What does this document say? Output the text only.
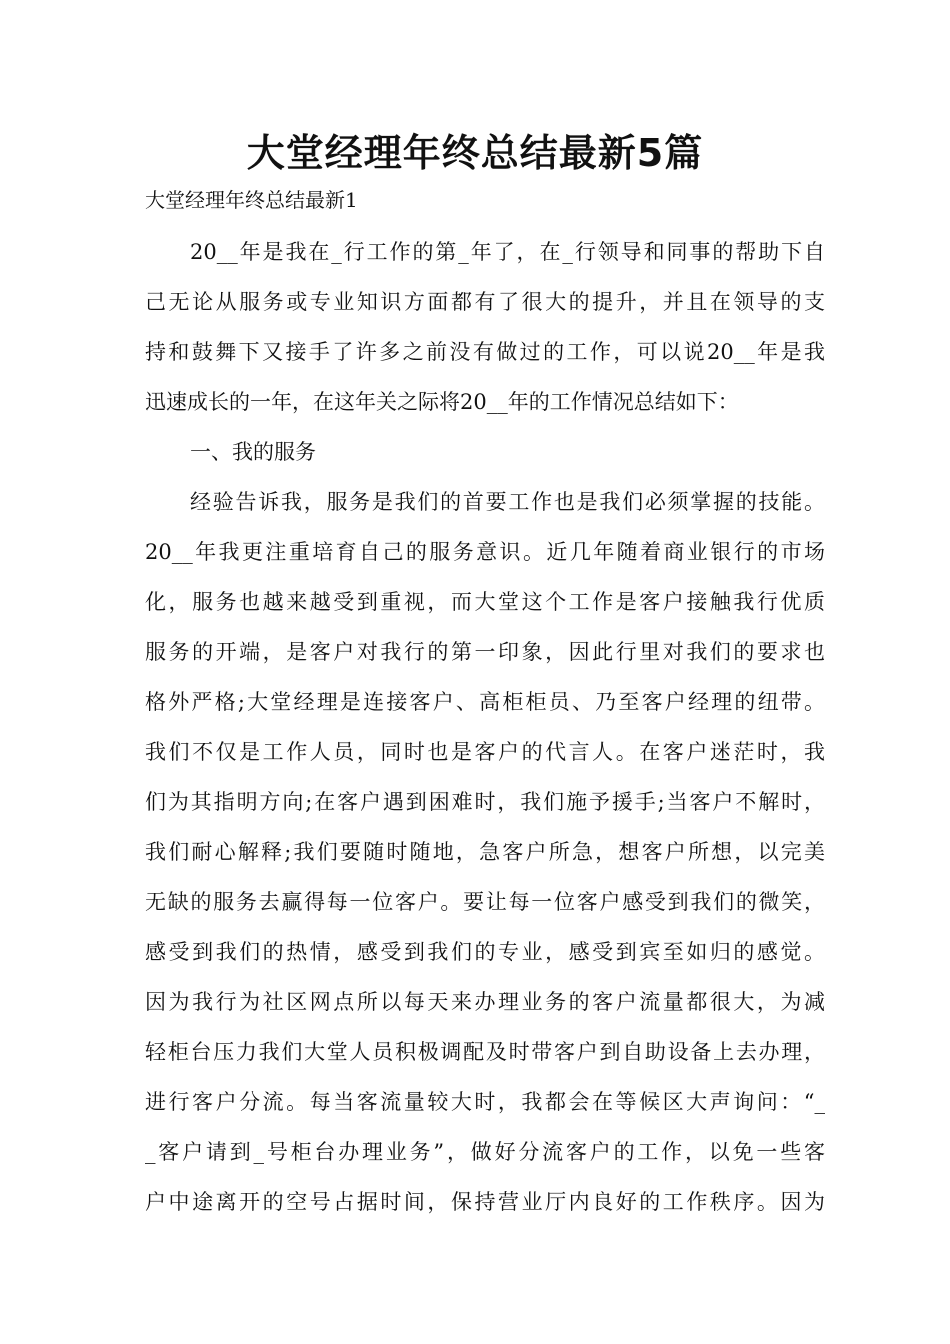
大堂经理年终总结最新5篇

大堂经理年终总结最新1

20__年是我在_行工作的第_年了，在_行领导和同事的帮助下自

己无论从服务或专业知识方面都有了很大的提升，并且在领导的支

持和鼓舞下又接手了许多之前没有做过的工作，可以说20__年是我

迅速成长的一年，在这年关之际将20__年的工作情况总结如下：

一、我的服务

经验告诉我，服务是我们的首要工作也是我们必须掌握的技能。

20__年我更注重培育自己的服务意识。近几年随着商业银行的市场

化，服务也越来越受到重视，而大堂这个工作是客户接触我行优质

服务的开端，是客户对我行的第一印象，因此行里对我们的要求也

格外严格;大堂经理是连接客户、高柜柜员、乃至客户经理的纽带。

我们不仅是工作人员，同时也是客户的代言人。在客户迷茫时，我

们为其指明方向;在客户遇到困难时，我们施予援手;当客户不解时，

我们耐心解释;我们要随时随地，急客户所急，想客户所想，以完美

无缺的服务去赢得每一位客户。要让每一位客户感受到我们的微笑，

感受到我们的热情，感受到我们的专业，感受到宾至如归的感觉。

因为我行为社区网点所以每天来办理业务的客户流量都很大，为减

轻柜台压力我们大堂人员积极调配及时带客户到自助设备上去办理，

进行客户分流。每当客流量较大时，我都会在等候区大声询问：“_

_客户请到_号柜台办理业务”，做好分流客户的工作，以免一些客

户中途离开的空号占据时间，保持营业厅内良好的工作秩序。因为
